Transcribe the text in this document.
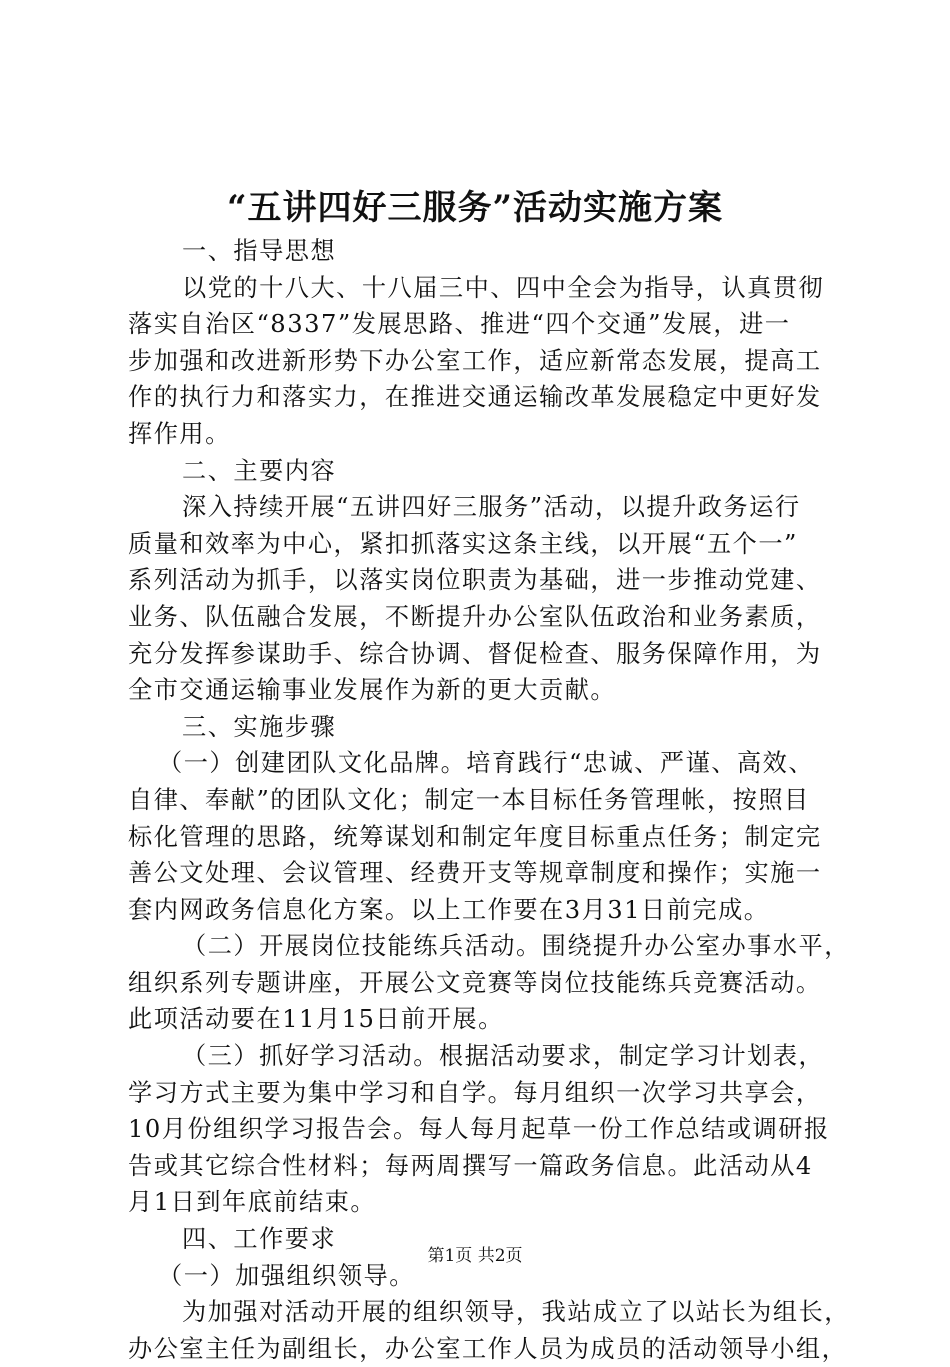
“五讲四好三服务”活动实施方案

一、指导思想

以党的十八大、十八届三中、四中全会为指导，认真贯彻

落实自治区“8337”发展思路、推进“四个交通”发展，进一

步加强和改进新形势下办公室工作，适应新常态发展，提高工

作的执行力和落实力，在推进交通运输改革发展稳定中更好发

挥作用。

二、主要内容

深入持续开展“五讲四好三服务”活动，以提升政务运行

质量和效率为中心，紧扣抓落实这条主线，以开展“五个一”

系列活动为抓手，以落实岗位职责为基础，进一步推动党建、

业务、队伍融合发展，不断提升办公室队伍政治和业务素质，

充分发挥参谋助手、综合协调、督促检查、服务保障作用，为

全市交通运输事业发展作为新的更大贡献。

三、实施步骤

（一）创建团队文化品牌。培育践行“忠诚、严谨、高效、

自律、奉献”的团队文化；制定一本目标任务管理帐，按照目

标化管理的思路，统筹谋划和制定年度目标重点任务；制定完

善公文处理、会议管理、经费开支等规章制度和操作；实施一

套内网政务信息化方案。以上工作要在3月31日前完成。

（二）开展岗位技能练兵活动。围绕提升办公室办事水平，

组织系列专题讲座，开展公文竞赛等岗位技能练兵竞赛活动。

此项活动要在11月15日前开展。

（三）抓好学习活动。根据活动要求，制定学习计划表，

学习方式主要为集中学习和自学。每月组织一次学习共享会，

10月份组织学习报告会。每人每月起草一份工作总结或调研报

告或其它综合性材料；每两周撰写一篇政务信息。此活动从4

月1日到年底前结束。

四、工作要求

（一）加强组织领导。

为加强对活动开展的组织领导，我站成立了以站长为组长，

办公室主任为副组长，办公室工作人员为成员的活动领导小组，

第1页 共2页
